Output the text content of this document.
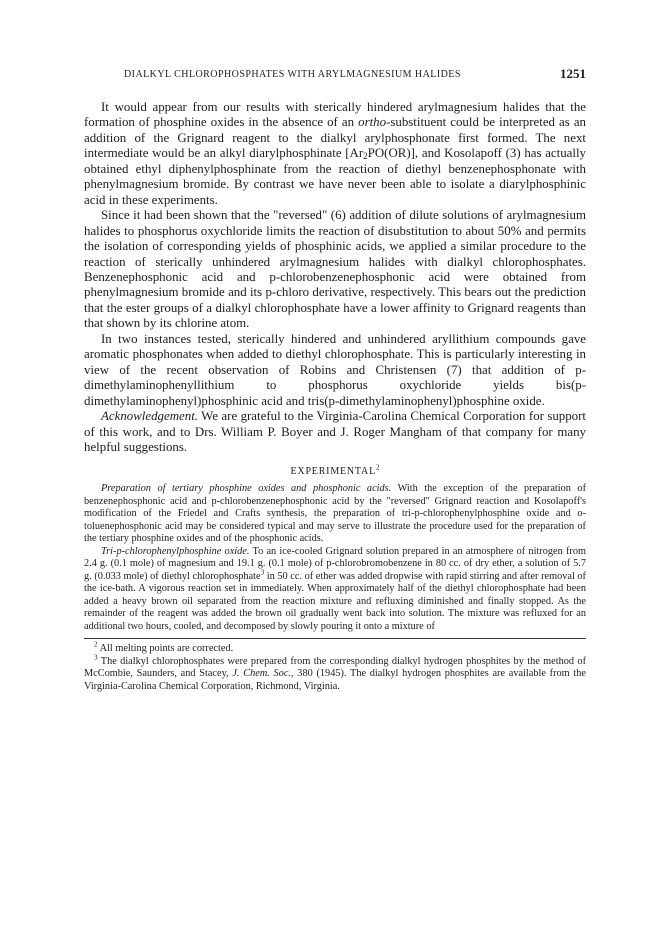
DIALKYL CHLOROPHOSPHATES WITH ARYLMAGNESIUM HALIDES	1251

It would appear from our results with sterically hindered arylmagnesium halides that the formation of phosphine oxides in the absence of an ortho-substituent could be interpreted as an addition of the Grignard reagent to the dialkyl arylphosphonate first formed. The next intermediate would be an alkyl diarylphosphinate $[Ar_2PO(OR)]$, and Kosolapoff (3) has actually obtained ethyl diphenylphosphinate from the reaction of diethyl benzenephosphonate with phenylmagnesium bromide. By contrast we have never been able to isolate a diarylphosphinic acid in these experiments.

Since it had been shown that the "reversed" (6) addition of dilute solutions of arylmagnesium halides to phosphorus oxychloride limits the reaction of disubstitution to about 50% and permits the isolation of corresponding yields of phosphinic acids, we applied a similar procedure to the reaction of sterically unhindered arylmagnesium halides with dialkyl chlorophosphates. Benzenephosphonic acid and p-chlorobenzenephosphonic acid were obtained from phenylmagnesium bromide and its p-chloro derivative, respectively. This bears out the prediction that the ester groups of a dialkyl chlorophosphate have a lower affinity to Grignard reagents than that shown by its chlorine atom.

In two instances tested, sterically hindered and unhindered aryllithium compounds gave aromatic phosphonates when added to diethyl chlorophosphate. This is particularly interesting in view of the recent observation of Robins and Christensen (7) that addition of p-dimethylaminophenyllithium to phosphorus oxychloride yields bis(p-dimethylaminophenyl)phosphinic acid and tris(p-dimethylaminophenyl)phosphine oxide.

Acknowledgement. We are grateful to the Virginia-Carolina Chemical Corporation for support of this work, and to Drs. William P. Boyer and J. Roger Mangham of that company for many helpful suggestions.

EXPERIMENTAL$^2$

Preparation of tertiary phosphine oxides and phosphonic acids. With the exception of the preparation of benzenephosphonic acid and p-chlorobenzenephosphonic acid by the "reversed" Grignard reaction and Kosolapoff's modification of the Friedel and Crafts synthesis, the preparation of tri-p-chlorophenylphosphine oxide and o-toluenephosphonic acid may be considered typical and may serve to illustrate the procedure used for the preparation of the tertiary phosphine oxides and of the phosphonic acids.

Tri-p-chlorophenylphosphine oxide. To an ice-cooled Grignard solution prepared in an atmosphere of nitrogen from 2.4 g. (0.1 mole) of magnesium and 19.1 g. (0.1 mole) of p-chlorobromobenzene in 80 cc. of dry ether, a solution of 5.7 g. (0.033 mole) of diethyl chlorophosphate$^3$ in 50 cc. of ether was added dropwise with rapid stirring and after removal of the ice-bath. A vigorous reaction set in immediately. When approximately half of the diethyl chlorophosphate had been added a heavy brown oil separated from the reaction mixture and refluxing diminished and finally stopped. As the remainder of the reagent was added the brown oil gradually went back into solution. The mixture was refluxed for an additional two hours, cooled, and decomposed by slowly pouring it onto a mixture of

$^2$ All melting points are corrected.

$^3$ The dialkyl chlorophosphates were prepared from the corresponding dialkyl hydrogen phosphites by the method of McCombie, Saunders, and Stacey, J. Chem. Soc., 380 (1945). The dialkyl hydrogen phosphites are available from the Virginia-Carolina Chemical Corporation, Richmond, Virginia.
